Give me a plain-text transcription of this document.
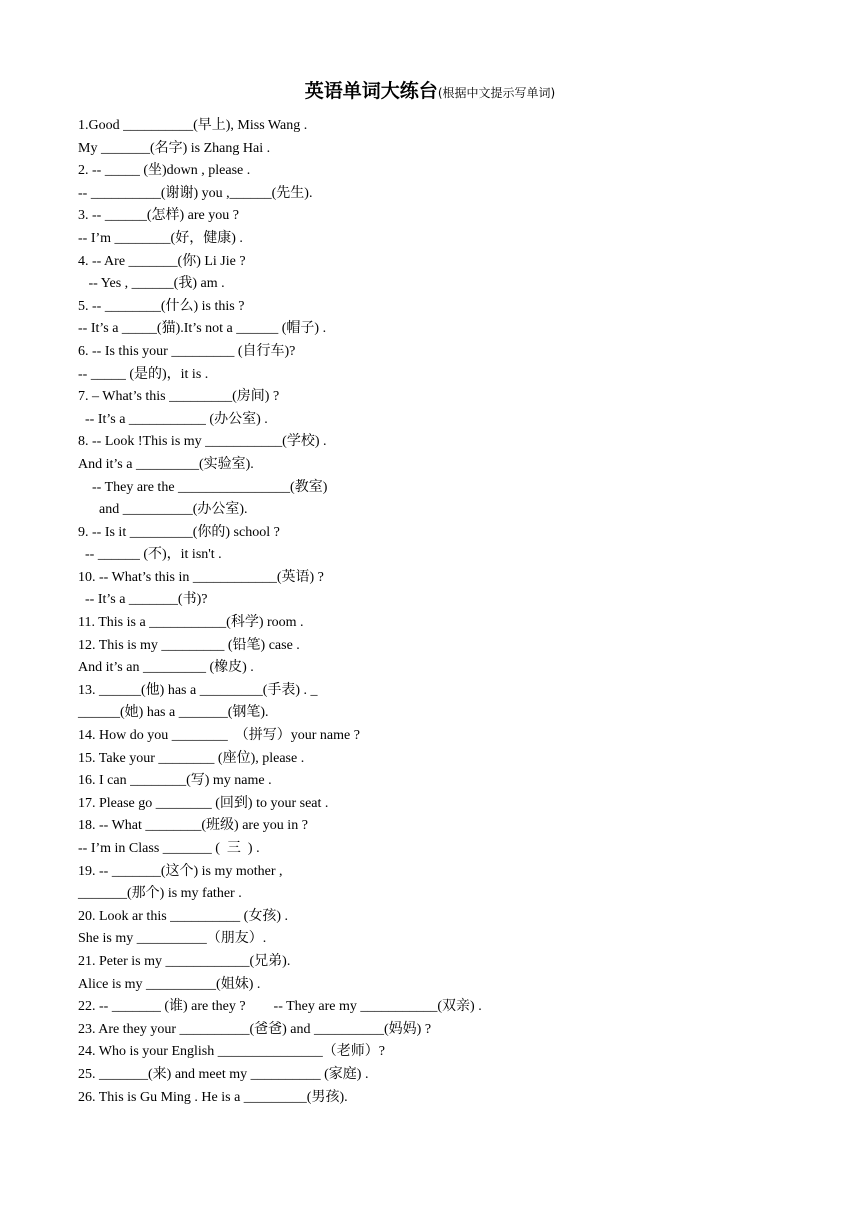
英语单词大练台(根据中文提示写单词)
1.Good __________(早上), Miss Wang .
My _______(名字) is Zhang Hai .
2. -- _____ (坐)down , please .
-- __________(谢谢) you ,______(先生).
3. -- ______(怎样) are you ?
-- I’m ________(好，健康) .
4. -- Are _______(你) Li Jie ?
-- Yes , ______(我) am .
5. -- ________(什么) is this ?
-- It’s a _____(猫).It’s not a ______ (帽子) .
6. -- Is this your _________ (自行车)?
-- _____ (是的)，it is .
7. – What’s this _________(房间) ?
-- It’s a ___________ (办公室) .
8. -- Look !This is my ___________(学校) .
And it’s a _________(实验室).
-- They are the ________________(教室)
and __________(办公室).
9. -- Is it _________(你的) school ?
-- ______ (不)，it isn't .
10. -- What’s this in ____________(英语) ?
-- It’s a _______(书)?
11. This is a ___________(科学) room .
12. This is my _________ (铅笔) case .
And it’s an _________ (橡皮) .
13. ______(他) has a _________(手表) . _
______(她) has a _______(钢笔).
14. How do you ________  （拼写）your name ?
15. Take your ________ (座位), please .
16. I can ________(写) my name .
17. Please go ________ (回到) to your seat .
18. -- What ________(班级) are you in ?
-- I’m in Class _______ (  三  ) .
19. -- _______(这个) is my mother ,
_______(那个) is my father .
20. Look ar this __________ (女孩) .
She is my __________（朋友）.
21. Peter is my ____________(兄弟).
Alice is my __________(姐妹) .
22. -- _______ (谁) are they ?        -- They are my ___________(双亲) .
23. Are they your __________(爸爸) and __________(妈妈) ?
24. Who is your English _______________（老师）?
25. _______(来) and meet my __________ (家庭) .
26. This is Gu Ming . He is a _________(男孩).
